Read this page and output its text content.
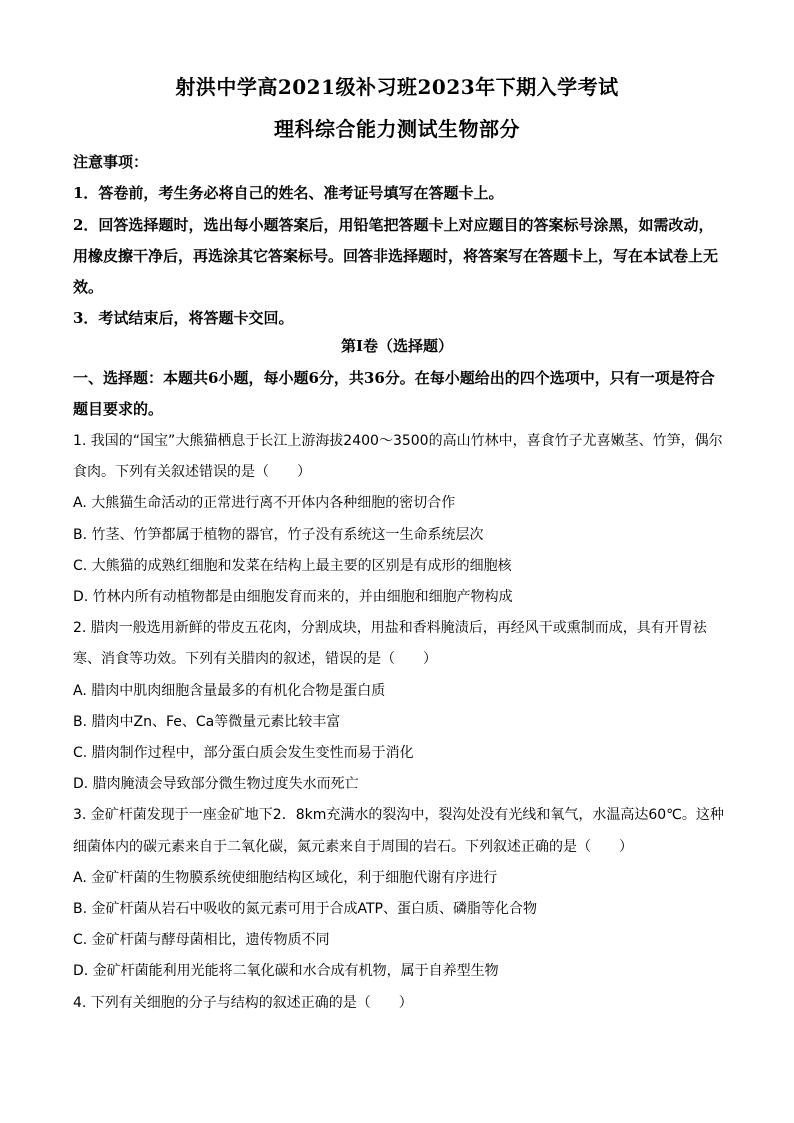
射洪中学高2021级补习班2023年下期入学考试
理科综合能力测试生物部分

注意事项：

1．答卷前，考生务必将自己的姓名、准考证号填写在答题卡上。

2．回答选择题时，选出每小题答案后，用铅笔把答题卡上对应题目的答案标号涂黑，如需改动，用橡皮擦干净后，再选涂其它答案标号。回答非选择题时，将答案写在答题卡上，写在本试卷上无效。

3．考试结束后，将答题卡交回。

第I卷（选择题）
一、选择题：本题共6小题，每小题6分，共36分。在每小题给出的四个选项中，只有一项是符合题目要求的。

1. 我国的“国宝”大熊猫栖息于长江上游海拔2400～3500的高山竹林中，喜食竹子尤喜嫩茎、竹笋，偶尔食肉。下列有关叙述错误的是（　　）

A. 大熊猫生命活动的正常进行离不开体内各种细胞的密切合作

B. 竹茎、竹笋都属于植物的器官，竹子没有系统这一生命系统层次

C. 大熊猫的成熟红细胞和发菜在结构上最主要的区别是有成形的细胞核

D. 竹林内所有动植物都是由细胞发育而来的，并由细胞和细胞产物构成

2. 腊肉一般选用新鲜的带皮五花肉，分割成块，用盐和香料腌渍后，再经风干或熏制而成，具有开胃祛寒、消食等功效。下列有关腊肉的叙述，错误的是（　　）

A. 腊肉中肌肉细胞含量最多的有机化合物是蛋白质

B. 腊肉中Zn、Fe、Ca等微量元素比较丰富

C. 腊肉制作过程中，部分蛋白质会发生变性而易于消化

D. 腊肉腌渍会导致部分微生物过度失水而死亡

3. 金矿杆菌发现于一座金矿地下2．8km充满水的裂沟中，裂沟处没有光线和氧气，水温高达60℃。这种细菌体内的碳元素来自于二氧化碳，氮元素来自于周围的岩石。下列叙述正确的是（　　）

A. 金矿杆菌的生物膜系统使细胞结构区域化，利于细胞代谢有序进行

B. 金矿杆菌从岩石中吸收的氮元素可用于合成ATP、蛋白质、磷脂等化合物

C. 金矿杆菌与酵母菌相比，遗传物质不同

D. 金矿杆菌能利用光能将二氧化碳和水合成有机物，属于自养型生物

4. 下列有关细胞的分子与结构的叙述正确的是（　　）
